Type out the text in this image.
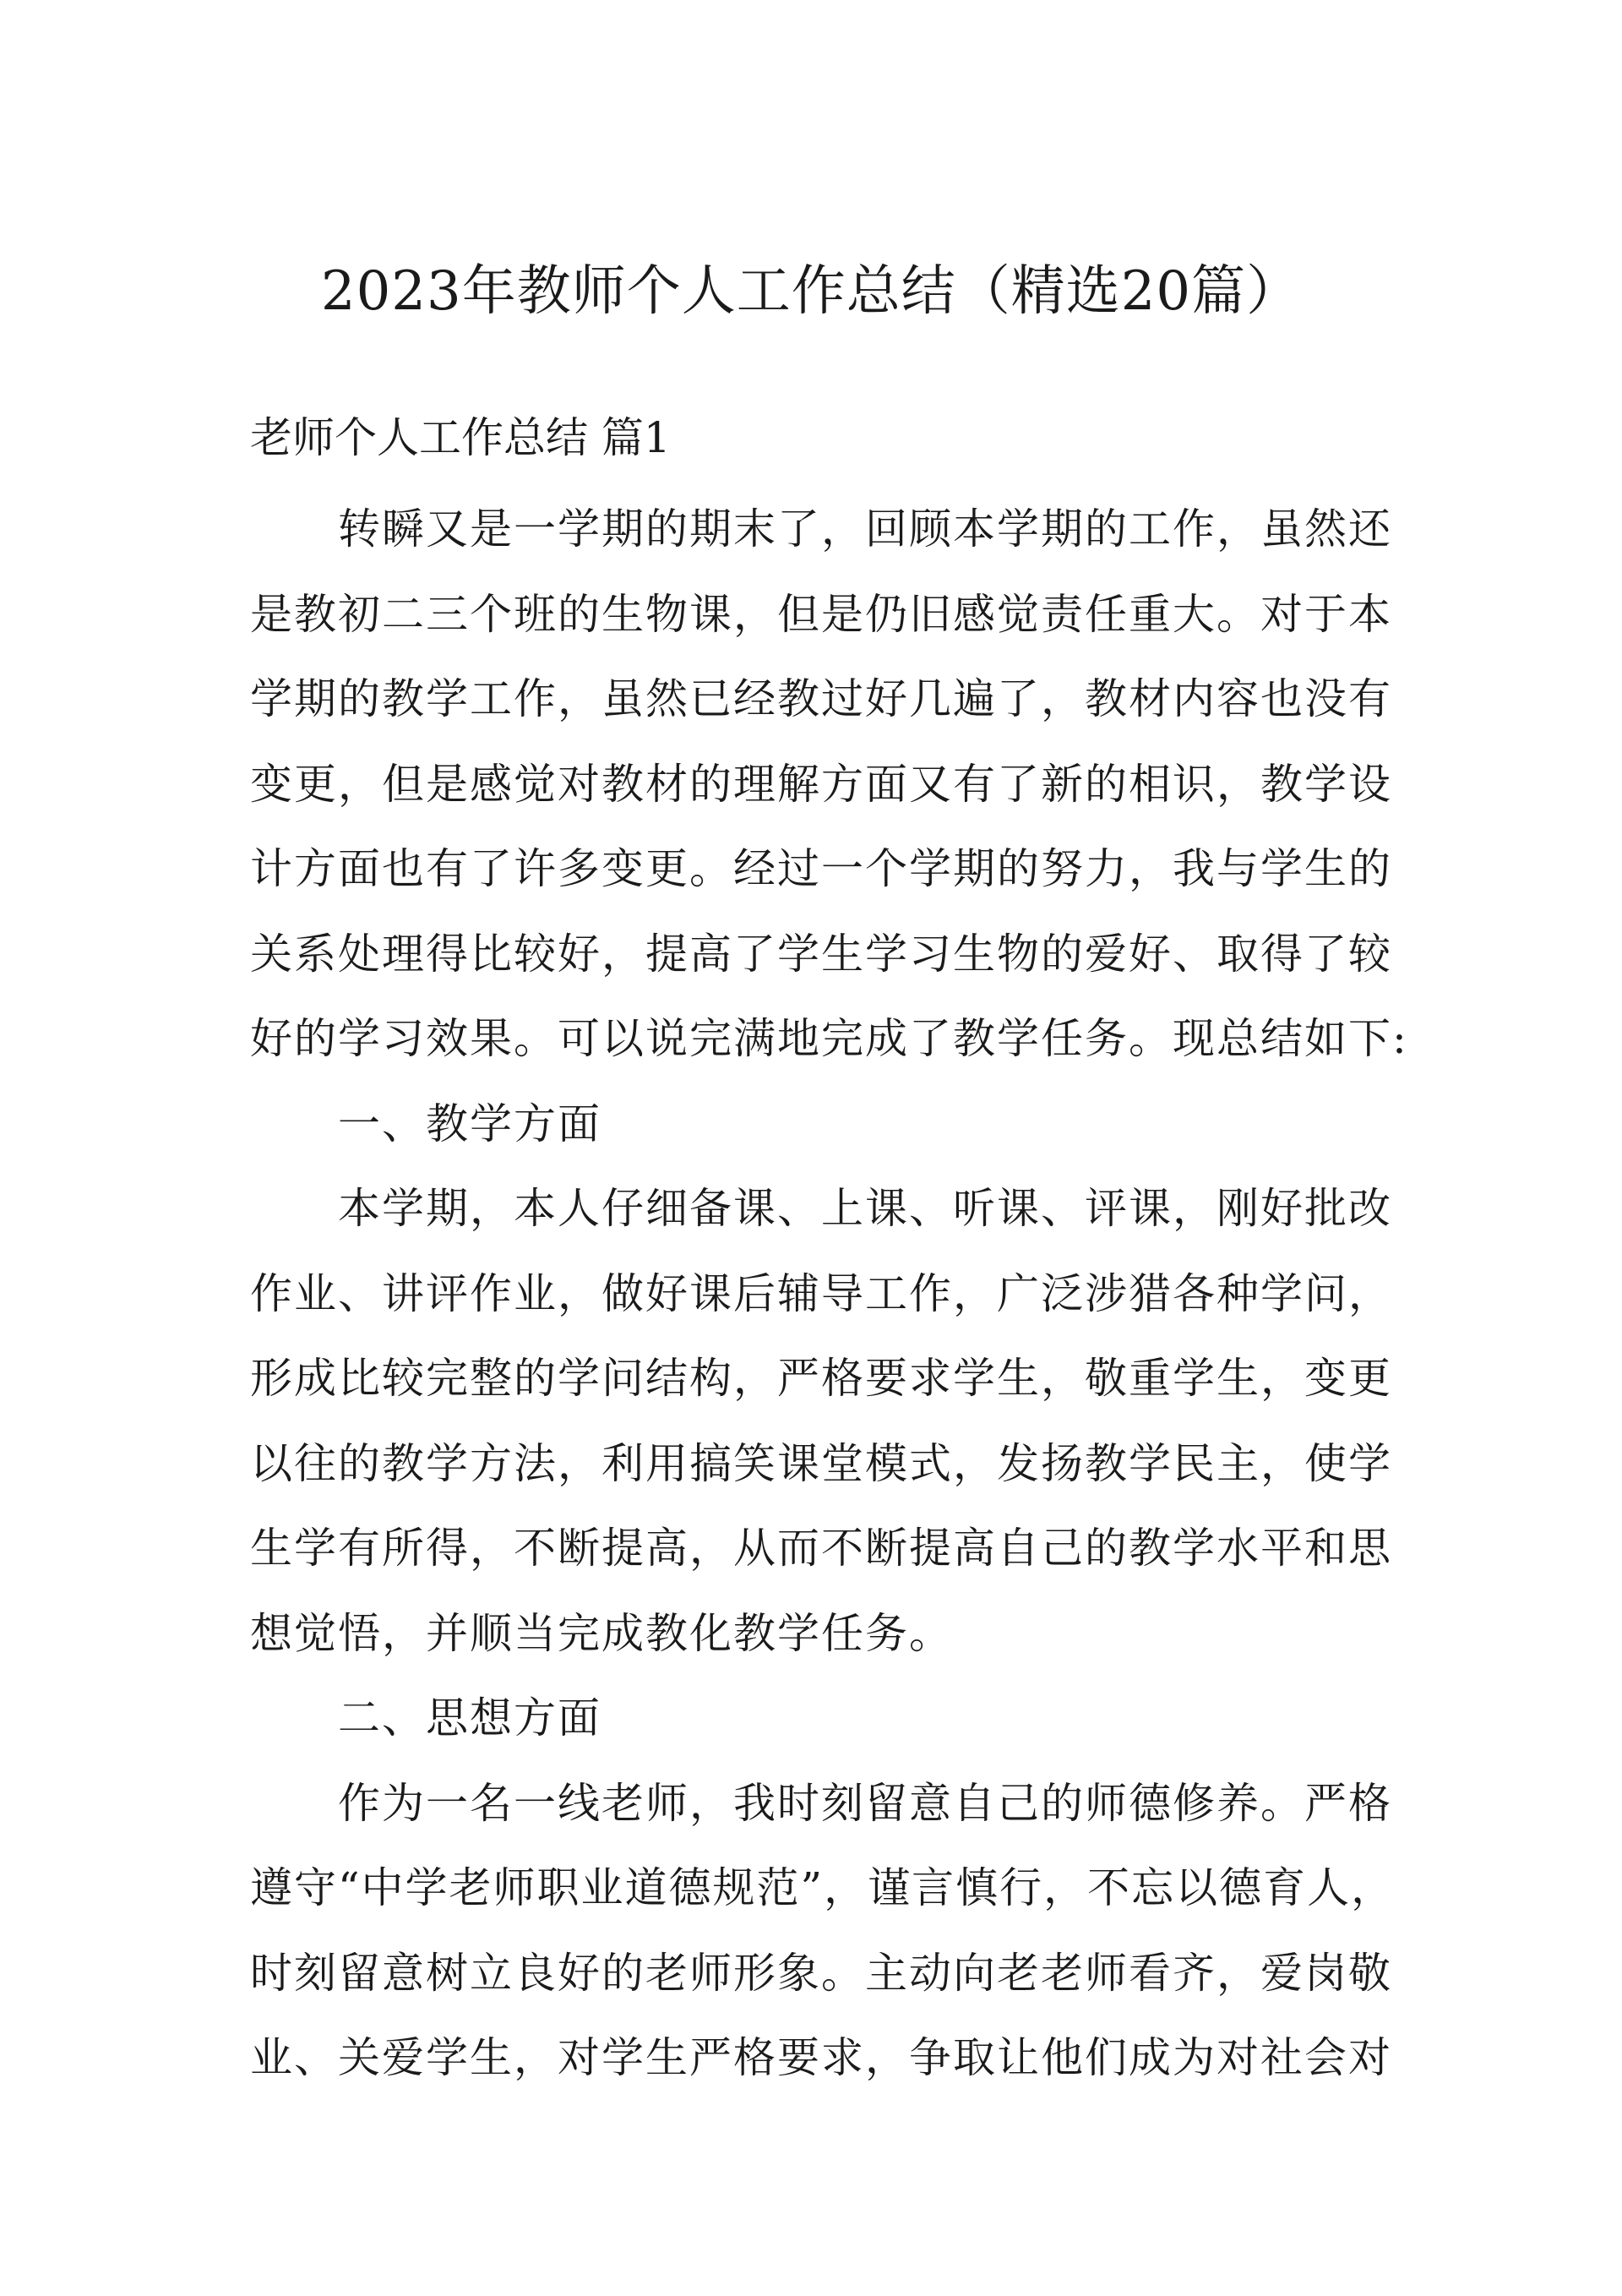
2023年教师个人工作总结（精选20篇）
老师个人工作总结 篇1
转瞬又是一学期的期末了，回顾本学期的工作，虽然还
是教初二三个班的生物课，但是仍旧感觉责任重大。对于本
学期的教学工作，虽然已经教过好几遍了，教材内容也没有
变更，但是感觉对教材的理解方面又有了新的相识，教学设
计方面也有了许多变更。经过一个学期的努力，我与学生的
关系处理得比较好，提高了学生学习生物的爱好、取得了较
好的学习效果。可以说完满地完成了教学任务。现总结如下:
一、教学方面
本学期，本人仔细备课、上课、听课、评课，刚好批改
作业、讲评作业，做好课后辅导工作，广泛涉猎各种学问，
形成比较完整的学问结构，严格要求学生，敬重学生，变更
以往的教学方法，利用搞笑课堂模式，发扬教学民主，使学
生学有所得，不断提高，从而不断提高自己的教学水平和思
想觉悟，并顺当完成教化教学任务。
二、思想方面
作为一名一线老师，我时刻留意自己的师德修养。严格
遵守“中学老师职业道德规范”，谨言慎行，不忘以德育人，
时刻留意树立良好的老师形象。主动向老老师看齐，爱岗敬
业、关爱学生，对学生严格要求，争取让他们成为对社会对
